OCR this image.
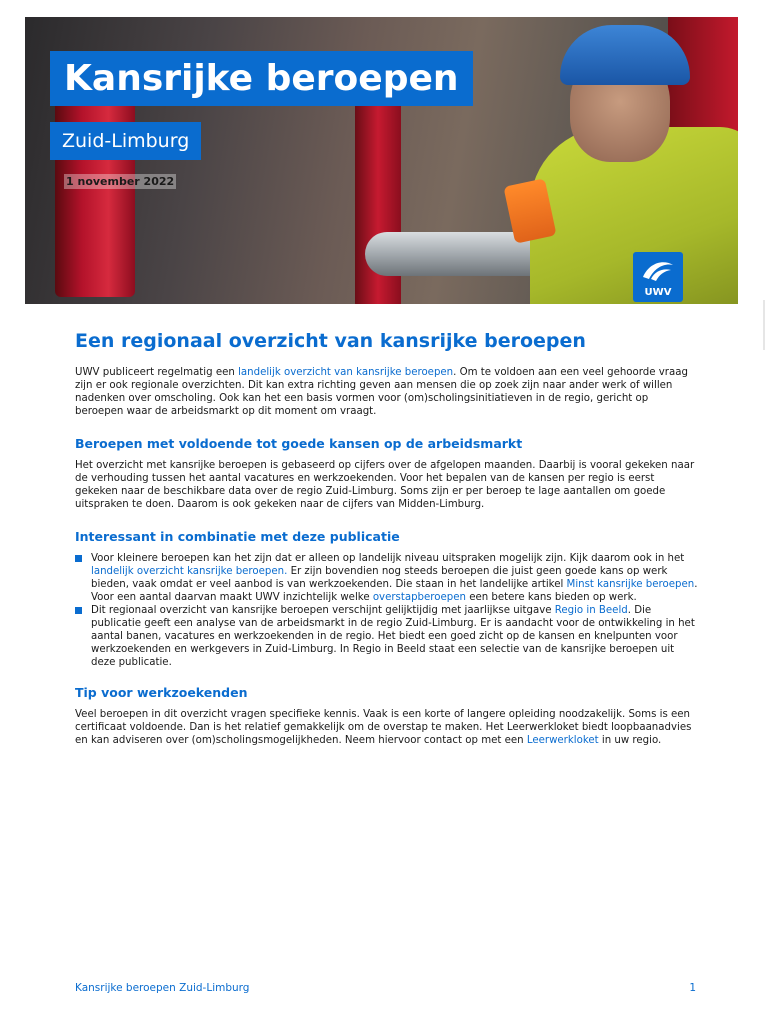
Kansrijke beroepen
Zuid-Limburg
1 november 2022
UWV
Een regionaal overzicht van kansrijke beroepen

UWV publiceert regelmatig een landelijk overzicht van kansrijke beroepen. Om te voldoen aan een veel gehoorde vraag zijn er ook regionale overzichten. Dit kan extra richting geven aan mensen die op zoek zijn naar ander werk of willen nadenken over omscholing. Ook kan het een basis vormen voor (om)scholingsinitiatieven in de regio, gericht op beroepen waar de arbeidsmarkt op dit moment om vraagt.

Beroepen met voldoende tot goede kansen op de arbeidsmarkt

Het overzicht met kansrijke beroepen is gebaseerd op cijfers over de afgelopen maanden. Daarbij is vooral gekeken naar de verhouding tussen het aantal vacatures en werkzoekenden. Voor het bepalen van de kansen per regio is eerst gekeken naar de beschikbare data over de regio Zuid-Limburg. Soms zijn er per beroep te lage aantallen om goede uitspraken te doen. Daarom is ook gekeken naar de cijfers van Midden-Limburg.

Interessant in combinatie met deze publicatie
Voor kleinere beroepen kan het zijn dat er alleen op landelijk niveau uitspraken mogelijk zijn. Kijk daarom ook in het landelijk overzicht kansrijke beroepen. Er zijn bovendien nog steeds beroepen die juist geen goede kans op werk bieden, vaak omdat er veel aanbod is van werkzoekenden. Die staan in het landelijke artikel Minst kansrijke beroepen. Voor een aantal daarvan maakt UWV inzichtelijk welke overstapberoepen een betere kans bieden op werk.
Dit regionaal overzicht van kansrijke beroepen verschijnt gelijktijdig met jaarlijkse uitgave Regio in Beeld. Die publicatie geeft een analyse van de arbeidsmarkt in de regio Zuid-Limburg. Er is aandacht voor de ontwikkeling in het aantal banen, vacatures en werkzoekenden in de regio. Het biedt een goed zicht op de kansen en knelpunten voor werkzoekenden en werkgevers in Zuid-Limburg. In Regio in Beeld staat een selectie van de kansrijke beroepen uit deze publicatie.
Tip voor werkzoekenden

Veel beroepen in dit overzicht vragen specifieke kennis. Vaak is een korte of langere opleiding noodzakelijk. Soms is een certificaat voldoende. Dan is het relatief gemakkelijk om de overstap te maken. Het Leerwerkloket biedt loopbaanadvies en kan adviseren over (om)scholingsmogelijkheden. Neem hiervoor contact op met een Leerwerkloket in uw regio.

Kansrijke beroepen Zuid-Limburg	1
